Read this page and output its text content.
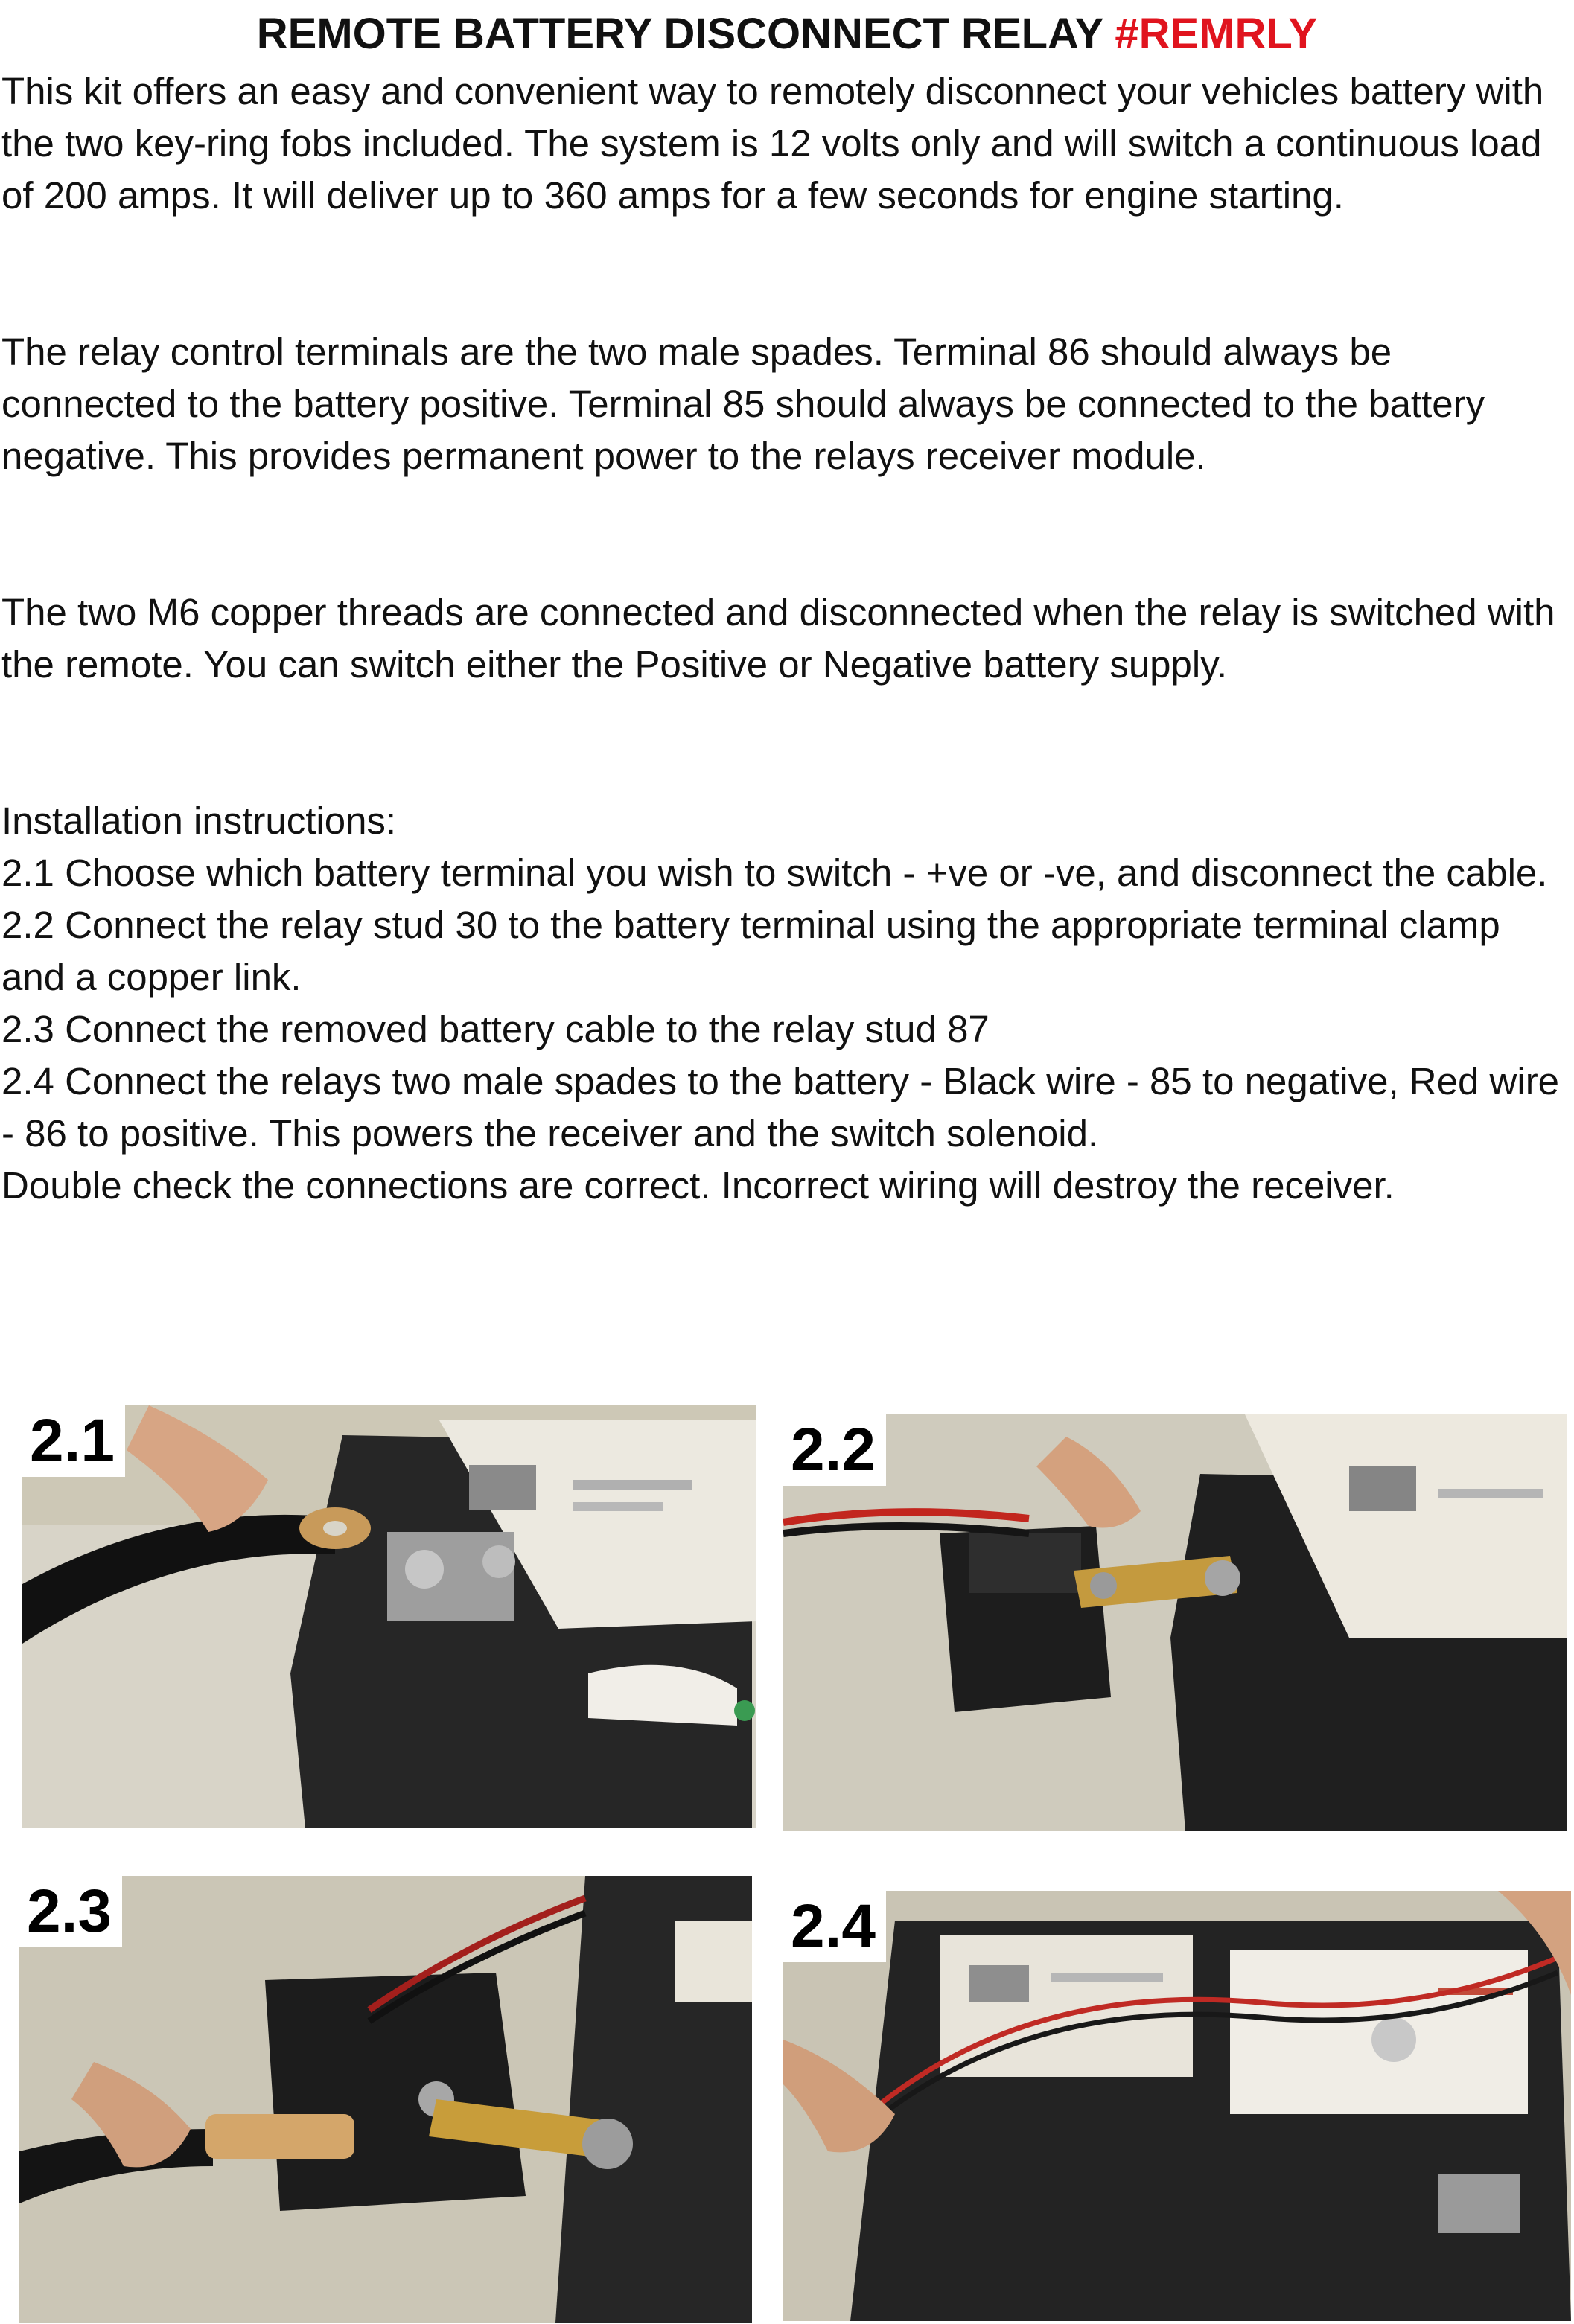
REMOTE BATTERY DISCONNECT RELAY #REMRLY

This kit offers an easy and convenient way to remotely disconnect your vehicles battery with the two key-ring fobs included. The system is 12 volts only and will switch a continuous load of 200 amps. It will deliver up to 360 amps for a few seconds for engine starting.

The relay control terminals are the two male spades. Terminal 86 should always be connected to the battery positive. Terminal 85 should always be connected to the battery negative. This provides permanent power to the relays receiver module.

The two M6 copper threads are connected and disconnected when the relay is switched with the remote. You can switch either the Positive or Negative battery supply.

Installation instructions:

2.1 Choose which battery terminal you wish to switch - +ve or -ve, and disconnect the cable.

2.2 Connect the relay stud 30 to the battery terminal using the appropriate terminal clamp and a copper link.

2.3 Connect the removed battery cable to the relay stud 87

2.4 Connect the relays two male spades to the battery - Black wire - 85 to negative, Red wire - 86 to positive. This powers the receiver and the switch solenoid.

Double check the connections are correct. Incorrect wiring will destroy the receiver.

2.1	2.2
2.3	2.4
